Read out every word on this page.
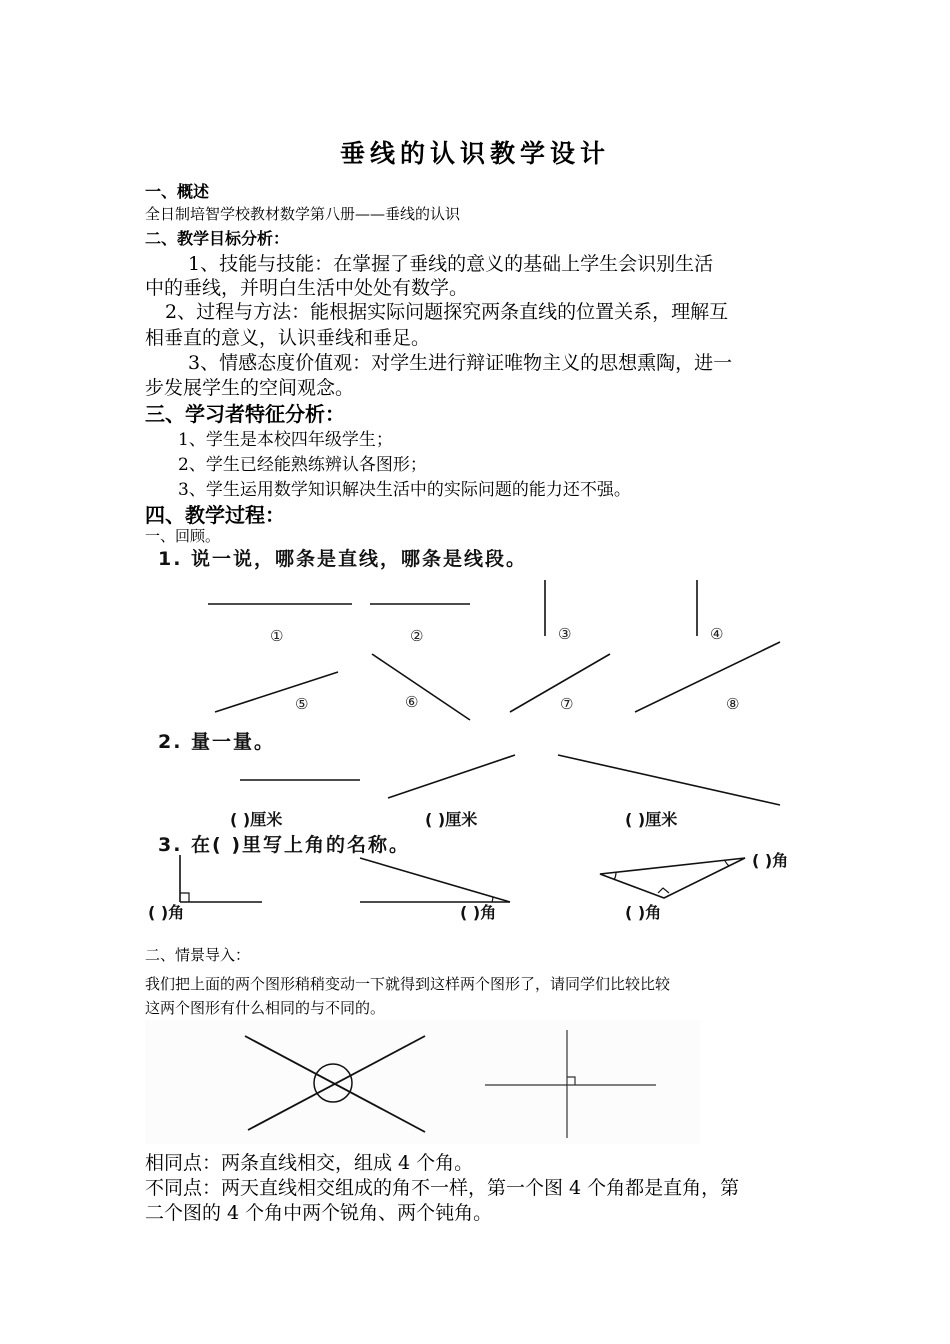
垂线的认识教学设计
一、概述
全日制培智学校教材数学第八册——垂线的认识
二、教学目标分析：
1、技能与技能：在掌握了垂线的意义的基础上学生会识别生活
中的垂线，并明白生活中处处有数学。
2、过程与方法：能根据实际问题探究两条直线的位置关系，理解互
相垂直的意义，认识垂线和垂足。
3、情感态度价值观：对学生进行辩证唯物主义的思想熏陶，进一
步发展学生的空间观念。
三、学习者特征分析：
1、学生是本校四年级学生；
2、学生已经能熟练辨认各图形；
3、学生运用数学知识解决生活中的实际问题的能力还不强。
四、教学过程：
一、回顾。
1. 说一说，哪条是直线，哪条是线段。
2. 量一量。
3. 在( )里写上角的名称。
①	②	③	④
⑤	⑥	⑦	⑧
( )厘米	( )厘米	( )厘米
( )角	( )角	( )角
( )角
二、情景导入：
我们把上面的两个图形稍稍变动一下就得到这样两个图形了，请同学们比较比较
这两个图形有什么相同的与不同的。
相同点：两条直线相交，组成 4 个角。
不同点：两天直线相交组成的角不一样，第一个图 4 个角都是直角，第
二个图的 4 个角中两个锐角、两个钝角。
